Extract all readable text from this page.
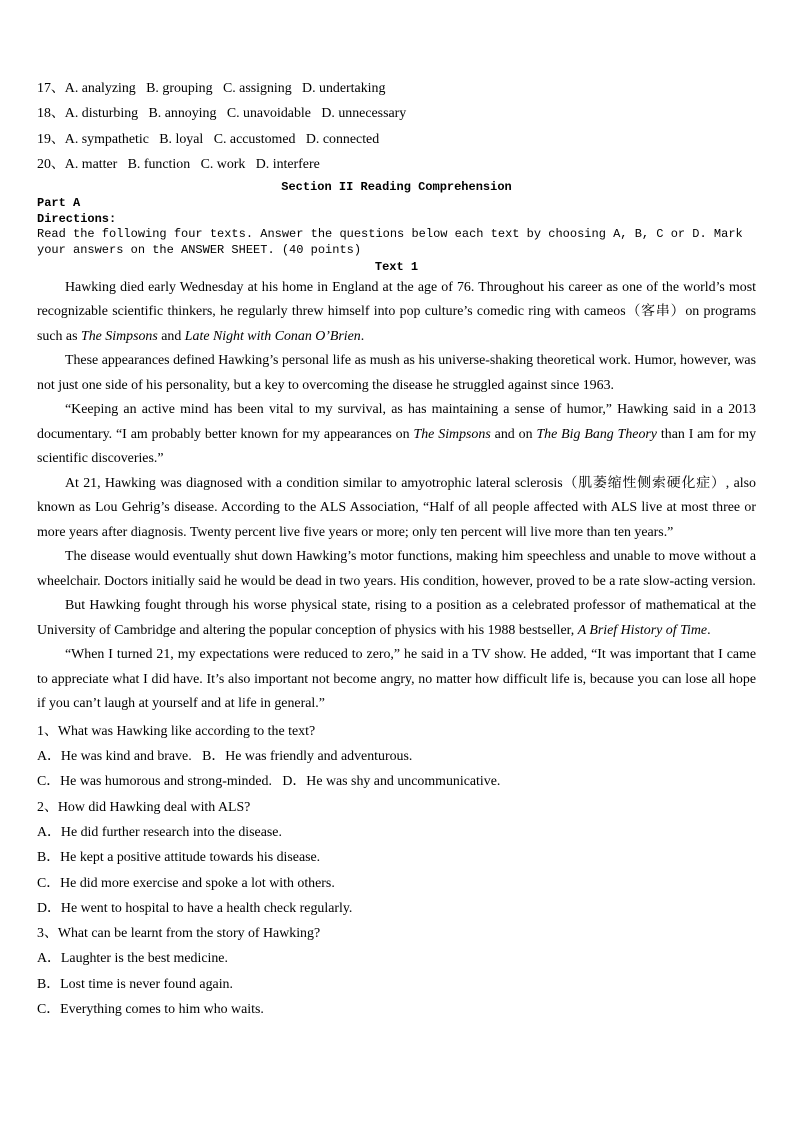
17、A. analyzing   B. grouping   C. assigning   D. undertaking
18、A. disturbing   B. annoying   C. unavoidable   D. unnecessary
19、A. sympathetic   B. loyal   C. accustomed   D. connected
20、A. matter   B. function   C. work   D. interfere
Section II Reading Comprehension
Part A
Directions:
Read the following four texts. Answer the questions below each text by choosing A, B, C or D. Mark your answers on the ANSWER SHEET. (40 points)
Text 1

Hawking died early Wednesday at his home in England at the age of 76. Throughout his career as one of the world’s most recognizable scientific thinkers, he regularly threw himself into pop culture’s comedic ring with cameos（客串）on programs such as The Simpsons and Late Night with Conan O’Brien.

These appearances defined Hawking’s personal life as mush as his universe-shaking theoretical work. Humor, however, was not just one side of his personality, but a key to overcoming the disease he struggled against since 1963.

“Keeping an active mind has been vital to my survival, as has maintaining a sense of humor,” Hawking said in a 2013 documentary. “I am probably better known for my appearances on The Simpsons and on The Big Bang Theory than I am for my scientific discoveries.”

At 21, Hawking was diagnosed with a condition similar to amyotrophic lateral sclerosis（肌萎缩性侧索硬化症）, also known as Lou Gehrig’s disease. According to the ALS Association, “Half of all people affected with ALS live at most three or more years after diagnosis. Twenty percent live five years or more; only ten percent will live more than ten years.”

The disease would eventually shut down Hawking’s motor functions, making him speechless and unable to move without a wheelchair. Doctors initially said he would be dead in two years. His condition, however, proved to be a rate slow-acting version.

But Hawking fought through his worse physical state, rising to a position as a celebrated professor of mathematical at the University of Cambridge and altering the popular conception of physics with his 1988 bestseller, A Brief History of Time.

“When I turned 21, my expectations were reduced to zero,” he said in a TV show. He added, “It was important that I came to appreciate what I did have. It’s also important not become angry, no matter how difficult life is, because you can lose all hope if you can’t laugh at yourself and at life in general.”

1、What was Hawking like according to the text?
A．He was kind and brave.   B．He was friendly and adventurous.
C．He was humorous and strong-minded.   D．He was shy and uncommunicative.
2、How did Hawking deal with ALS?
A．He did further research into the disease.
B．He kept a positive attitude towards his disease.
C．He did more exercise and spoke a lot with others.
D．He went to hospital to have a health check regularly.
3、What can be learnt from the story of Hawking?
A．Laughter is the best medicine.
B．Lost time is never found again.
C．Everything comes to him who waits.
